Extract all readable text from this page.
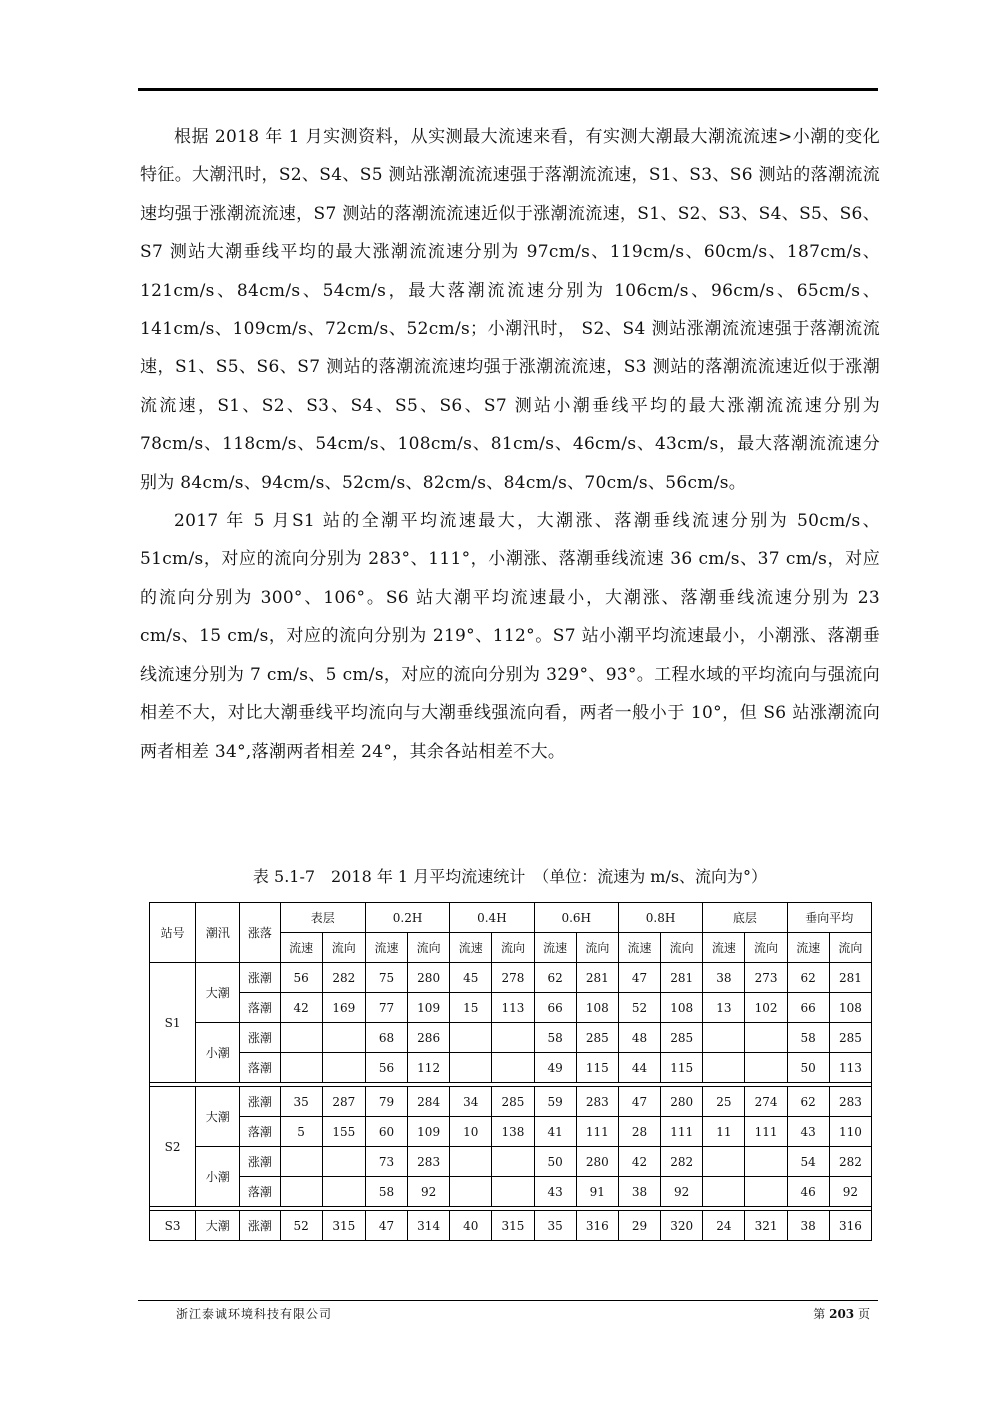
根据 2018 年 1 月实测资料，从实测最大流速来看，有实测大潮最大潮流流速>小潮的变化特征。大潮汛时，S2、S4、S5 测站涨潮流流速强于落潮流流速，S1、S3、S6 测站的落潮流流速均强于涨潮流流速，S7 测站的落潮流流速近似于涨潮流流速，S1、S2、S3、S4、S5、S6、S7 测站大潮垂线平均的最大涨潮流流速分别为 97cm/s、119cm/s、60cm/s、187cm/s、121cm/s、84cm/s、54cm/s，最大落潮流流速分别为 106cm/s、96cm/s、65cm/s、141cm/s、109cm/s、72cm/s、52cm/s；小潮汛时， S2、S4 测站涨潮流流速强于落潮流流速，S1、S5、S6、S7 测站的落潮流流速均强于涨潮流流速，S3 测站的落潮流流速近似于涨潮流流速，S1、S2、S3、S4、S5、S6、S7 测站小潮垂线平均的最大涨潮流流速分别为 78cm/s、118cm/s、54cm/s、108cm/s、81cm/s、46cm/s、43cm/s，最大落潮流流速分别为 84cm/s、94cm/s、52cm/s、82cm/s、84cm/s、70cm/s、56cm/s。

2017 年 5 月S1 站的全潮平均流速最大，大潮涨、落潮垂线流速分别为 50cm/s、51cm/s，对应的流向分别为 283°、111°，小潮涨、落潮垂线流速 36 cm/s、37 cm/s，对应的流向分别为 300°、106°。S6 站大潮平均流速最小，大潮涨、落潮垂线流速分别为 23 cm/s、15 cm/s，对应的流向分别为 219°、112°。S7 站小潮平均流速最小，小潮涨、落潮垂线流速分别为 7 cm/s、5 cm/s，对应的流向分别为 329°、93°。工程水域的平均流向与强流向相差不大，对比大潮垂线平均流向与大潮垂线强流向看，两者一般小于 10°，但 S6 站涨潮流向两者相差 34°,落潮两者相差 24°，其余各站相差不大。

表 5.1-7　2018 年 1 月平均流速统计　（单位：流速为 m/s、流向为°）
站号	潮汛	涨落	表层		0.2H		0.4H		0.6H		0.8H		底层		垂向平均	
			流速	流向	流速	流向	流速	流向	流速	流向	流速	流向	流速	流向	流速	流向
S1	大潮	涨潮	56	282	75	280	45	278	62	281	47	281	38	273	62	281
		落潮	42	169	77	109	15	113	66	108	52	108	13	102	66	108
	小潮	涨潮			68	286			58	285	48	285			58	285
		落潮			56	112			49	115	44	115			50	113

S2	大潮	涨潮	35	287	79	284	34	285	59	283	47	280	25	274	62	283
		落潮	5	155	60	109	10	138	41	111	28	111	11	111	43	110
	小潮	涨潮			73	283			50	280	42	282			54	282
		落潮			58	92			43	91	38	92			46	92

S3	大潮	涨潮	52	315	47	314	40	315	35	316	29	320	24	321	38	316
浙江泰诚环境科技有限公司	第 203 页
